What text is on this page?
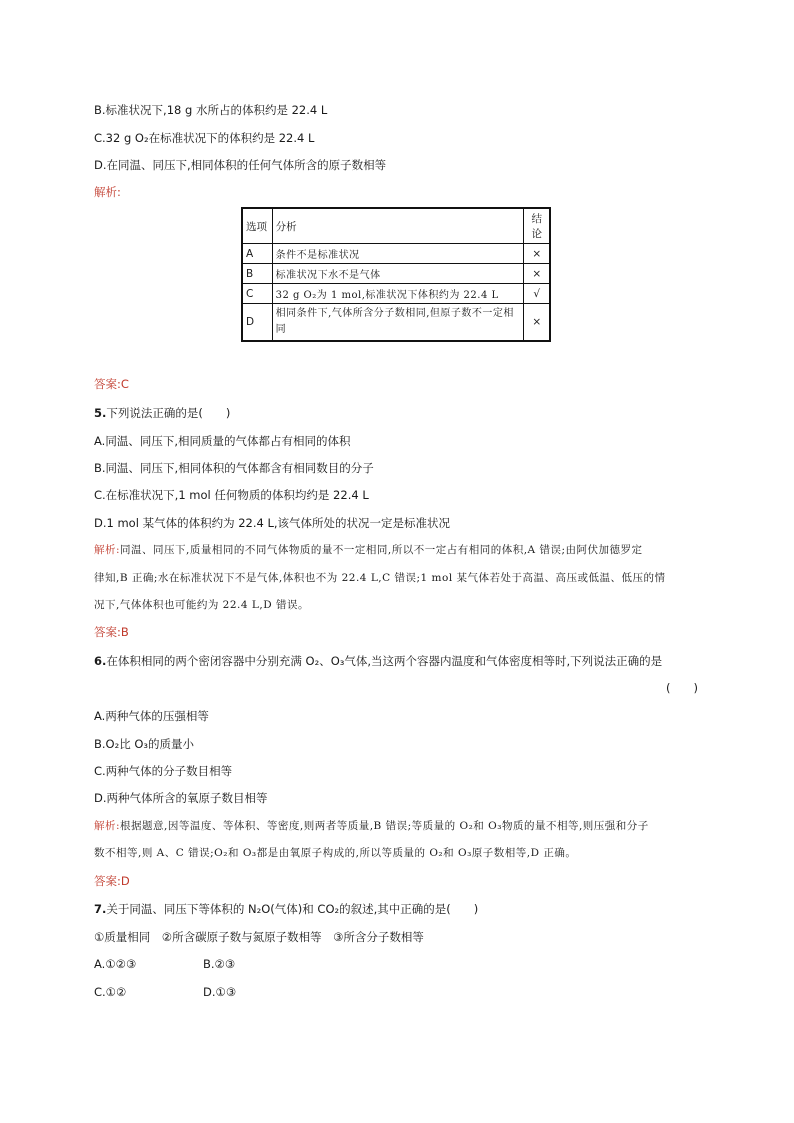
B.标准状况下,18 g 水所占的体积约是 22.4 L
C.32 g O₂在标准状况下的体积约是 22.4 L
D.在同温、同压下,相同体积的任何气体所含的原子数相等
解析:
选项	分析	结论
A	条件不是标准状况	×
B	标准状况下水不是气体	×
C	32 g O₂为 1 mol,标准状况下体积约为 22.4 L	√
D	相同条件下,气体所含分子数相同,但原子数不一定相同	×
答案:C
5.下列说法正确的是(　　)
A.同温、同压下,相同质量的气体都占有相同的体积
B.同温、同压下,相同体积的气体都含有相同数目的分子
C.在标准状况下,1 mol 任何物质的体积均约是 22.4 L
D.1 mol 某气体的体积约为 22.4 L,该气体所处的状况一定是标准状况
解析:同温、同压下,质量相同的不同气体物质的量不一定相同,所以不一定占有相同的体积,A 错误;由阿伏加德罗定
律知,B 正确;水在标准状况下不是气体,体积也不为 22.4 L,C 错误;1 mol 某气体若处于高温、高压或低温、低压的情
况下,气体体积也可能约为 22.4 L,D 错误。
答案:B
6.在体积相同的两个密闭容器中分别充满 O₂、O₃气体,当这两个容器内温度和气体密度相等时,下列说法正确的是
(　　)
A.两种气体的压强相等
B.O₂比 O₃的质量小
C.两种气体的分子数目相等
D.两种气体所含的氧原子数目相等
解析:根据题意,因等温度、等体积、等密度,则两者等质量,B 错误;等质量的 O₂和 O₃物质的量不相等,则压强和分子
数不相等,则 A、C 错误;O₂和 O₃都是由氧原子构成的,所以等质量的 O₂和 O₃原子数相等,D 正确。
答案:D
7.关于同温、同压下等体积的 N₂O(气体)和 CO₂的叙述,其中正确的是(　　)
①质量相同　②所含碳原子数与氮原子数相等　③所含分子数相等
A.①②③	B.②③
C.①②	D.①③
